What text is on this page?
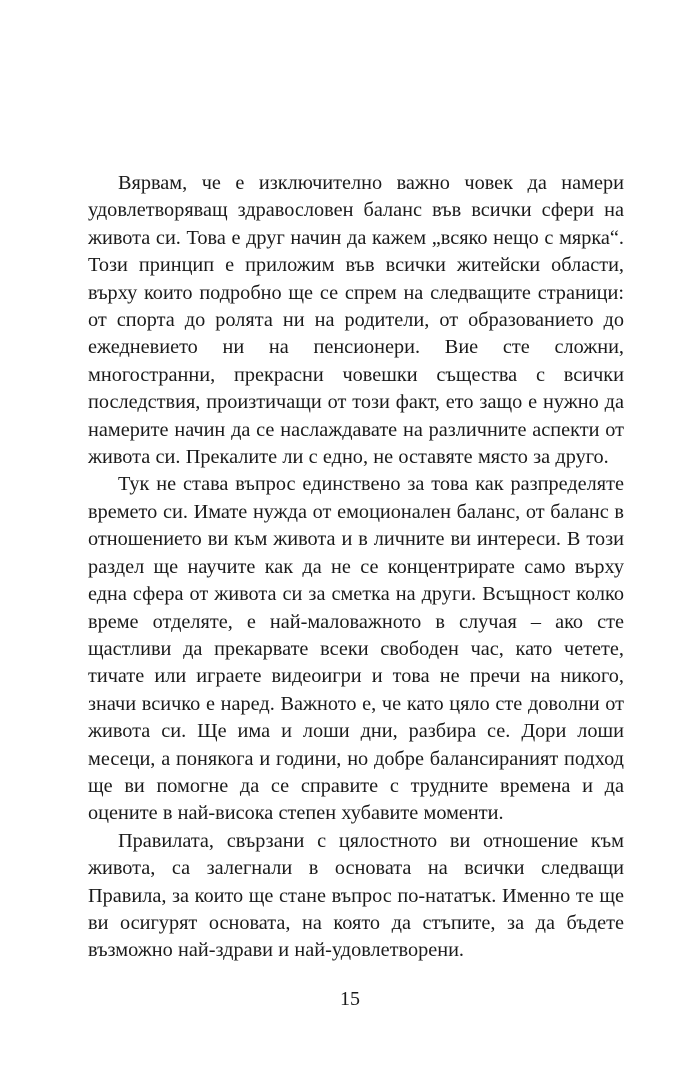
Вярвам, че е изключително важно човек да намери удовлетворяващ здравословен баланс във всички сфери на живота си. Това е друг начин да кажем „всяко нещо с мярка“. Този принцип е приложим във всички житейски области, върху които подробно ще се спрем на следващите страници: от спорта до ролята ни на родители, от образованието до ежедневието ни на пенсионери. Вие сте сложни, многостранни, прекрасни човешки същества с всички последствия, произтичащи от този факт, ето защо е нужно да намерите начин да се наслаждавате на различните аспекти от живота си. Прекалите ли с едно, не оставяте място за друго.

Тук не става въпрос единствено за това как разпределяте времето си. Имате нужда от емоционален баланс, от баланс в отношението ви към живота и в личните ви интереси. В този раздел ще научите как да не се концентрирате само върху една сфера от живота си за сметка на други. Всъщност колко време отделяте, е най-маловажното в случая – ако сте щастливи да прекарвате всеки свободен час, като четете, тичате или играете видеоигри и това не пречи на никого, значи всичко е наред. Важното е, че като цяло сте доволни от живота си. Ще има и лоши дни, разбира се. Дори лоши месеци, а понякога и години, но добре балансираният подход ще ви помогне да се справите с трудните времена и да оцените в най-висока степен хубавите моменти.

Правилата, свързани с цялостното ви отношение към живота, са залегнали в основата на всички следващи Правила, за които ще стане въпрос по-нататък. Именно те ще ви осигурят основата, на която да стъпите, за да бъдете възможно най-здрави и най-удовлетворени.

15
